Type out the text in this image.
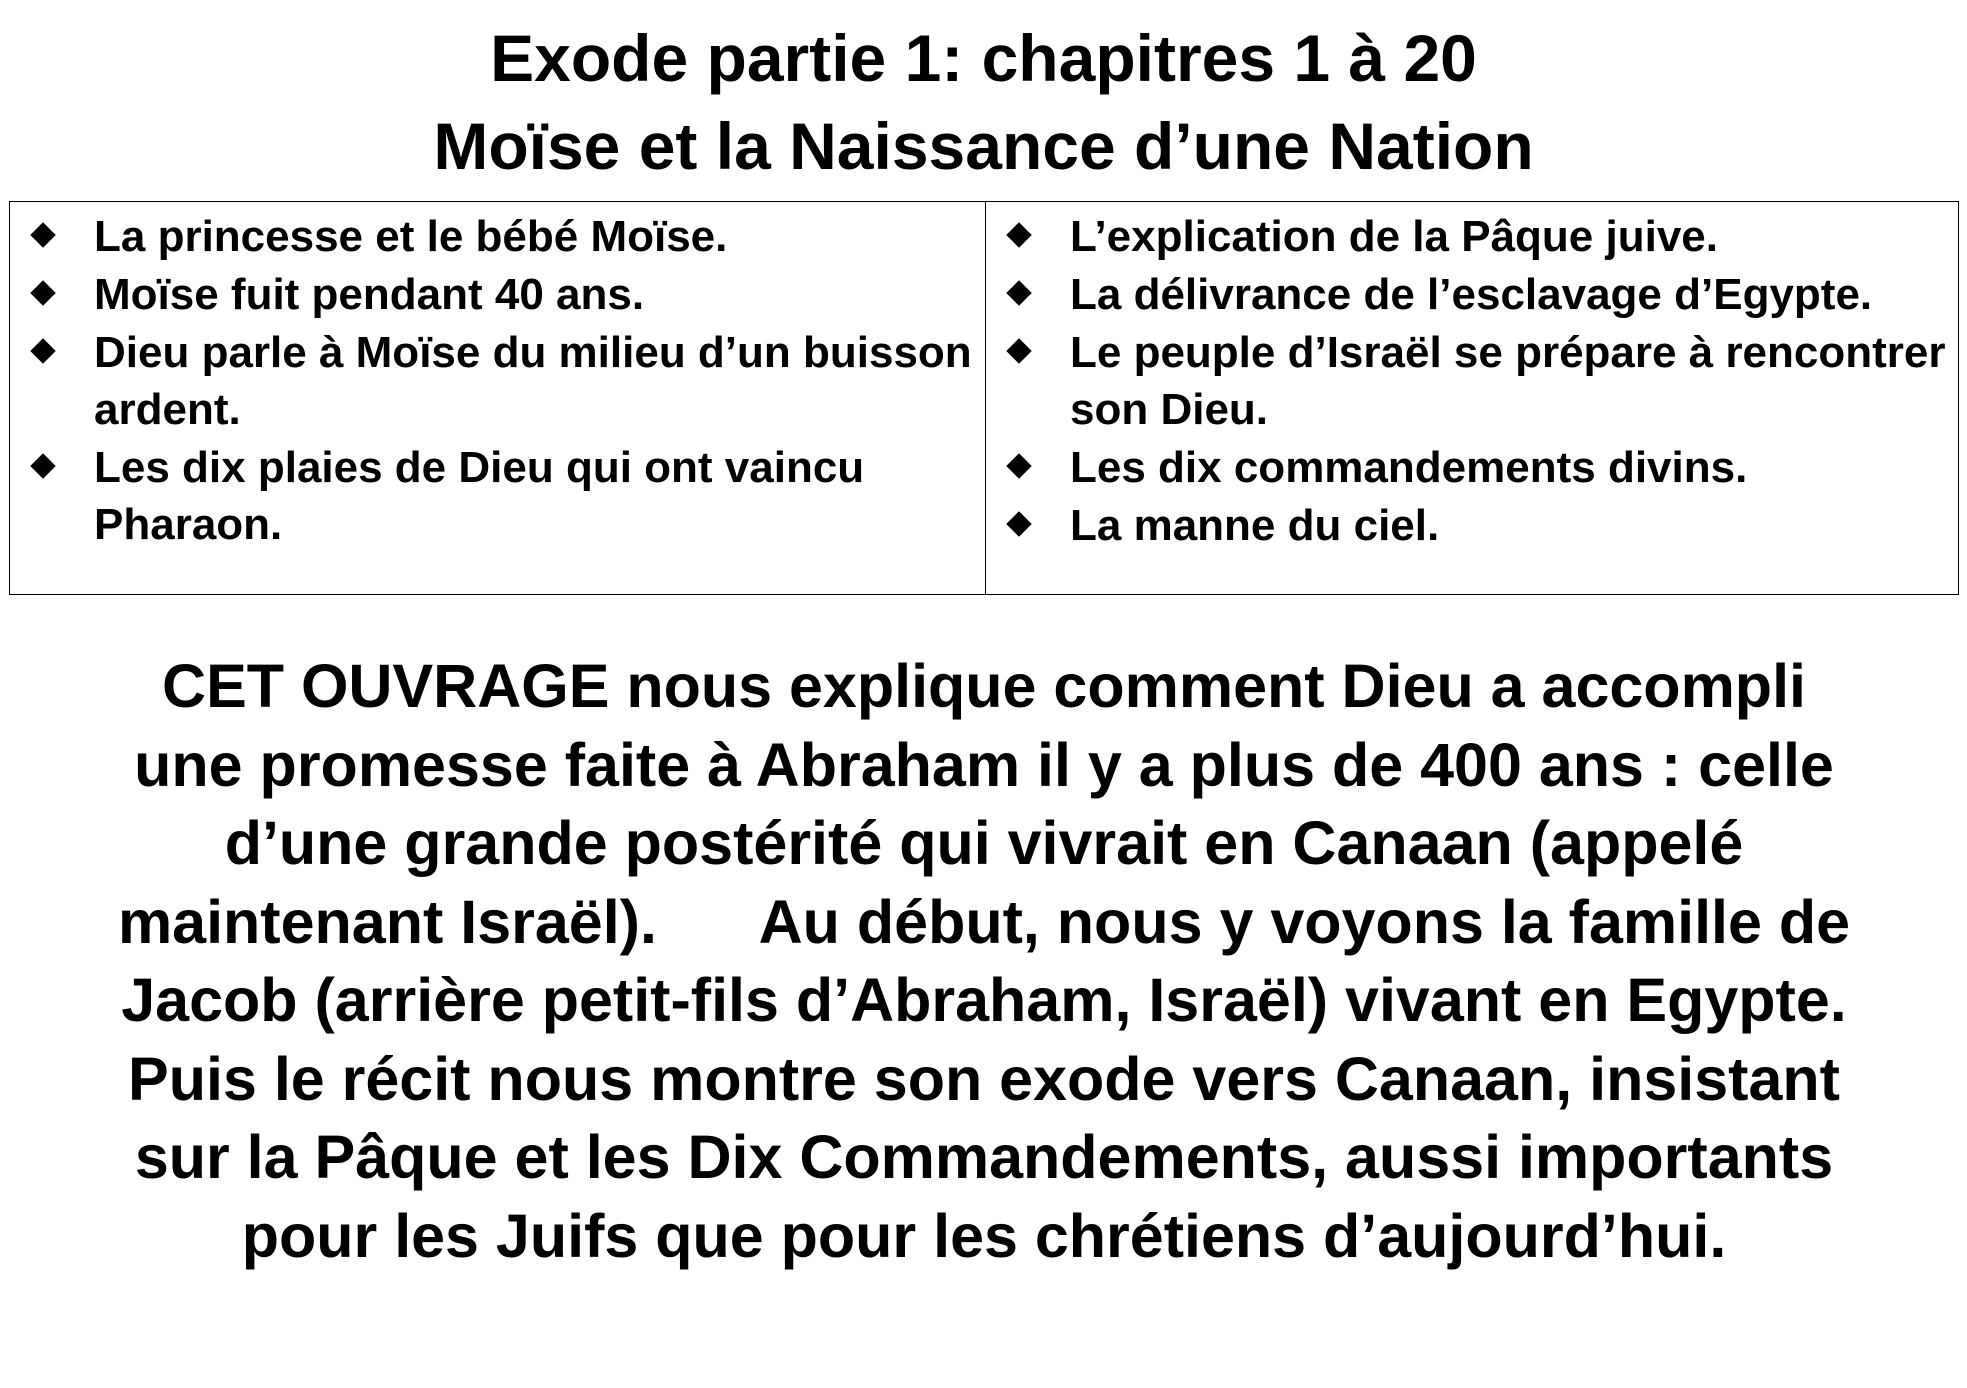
Exode partie 1: chapitres 1 à 20
Moïse et la Naissance d’une Nation
La princesse et le bébé Moïse.
Moïse fuit pendant 40 ans.
Dieu parle à Moïse du milieu d’un buisson ardent.
Les dix plaies de Dieu qui ont vaincu Pharaon.
L’explication de la Pâque juive.
La délivrance de l’esclavage d’Egypte.
Le peuple d’Israël se prépare à rencontrer son Dieu.
Les dix commandements divins.
La manne du ciel.
CET OUVRAGE nous explique comment Dieu a accompli
une promesse faite à Abraham il y a plus de 400 ans : celle
d’une grande postérité qui vivrait en Canaan (appelé
maintenant Israël).      Au début, nous y voyons la famille de
Jacob (arrière petit-fils d’Abraham, Israël) vivant en Egypte.
Puis le récit nous montre son exode vers Canaan, insistant
sur la Pâque et les Dix Commandements, aussi importants
pour les Juifs que pour les chrétiens d’aujourd’hui.
